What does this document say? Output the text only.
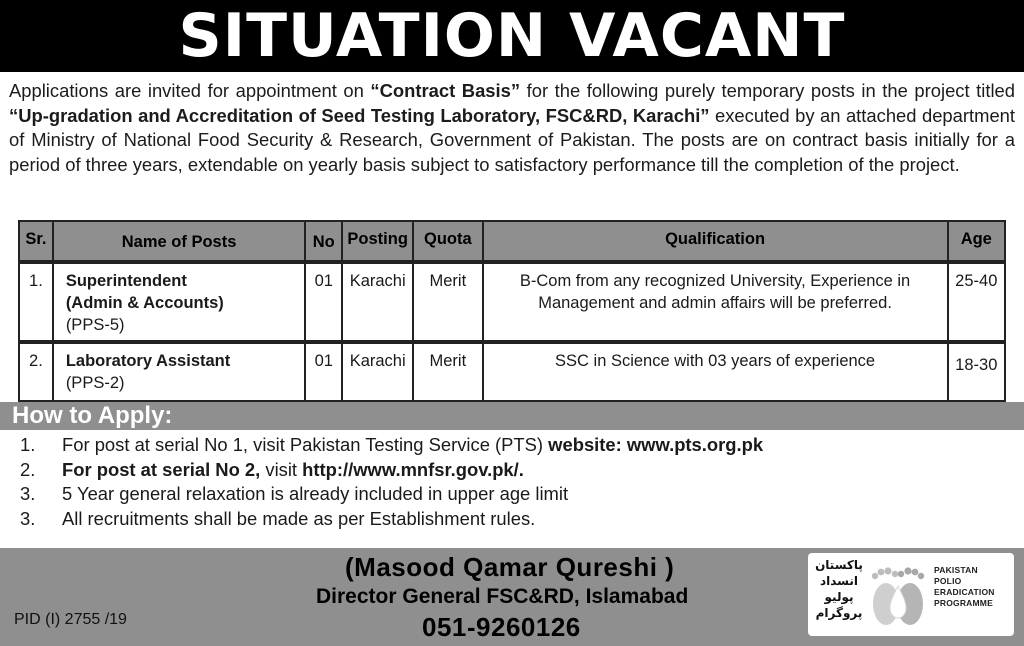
SITUATION VACANT
Applications are invited for appointment on “Contract Basis” for the following purely temporary posts in the project titled “Up-gradation and Accreditation of Seed Testing Laboratory, FSC&RD, Karachi” executed by an attached department of Ministry of National Food Security & Research, Government of Pakistan. The posts are on contract basis initially for a period of three years, extendable on yearly basis subject to satisfactory performance till the completion of the project.
Sr.	Name of Posts	No	Posting	Quota	Qualification	Age
1.	Superintendent
(Admin & Accounts)
(PPS-5)	01	Karachi	Merit	B-Com from any recognized University, Experience in Management and admin affairs will be preferred.	25-40
2.	Laboratory Assistant
(PPS-2)	01	Karachi	Merit	SSC in Science with 03 years of experience	18-30
How to Apply:
1. For post at serial No 1, visit Pakistan Testing Service (PTS) website: www.pts.org.pk
2. For post at serial No 2, visit http://www.mnfsr.gov.pk/.
3. 5 Year general relaxation is already included in upper age limit
3. All recruitments shall be made as per Establishment rules.
(Masood Qamar Qureshi )
Director General FSC&RD, Islamabad
051-9260126
PID (I) 2755 /19
پاکستان
انسداد
پولیو
پروگرام
PAKISTAN
POLIO
ERADICATION
PROGRAMME
